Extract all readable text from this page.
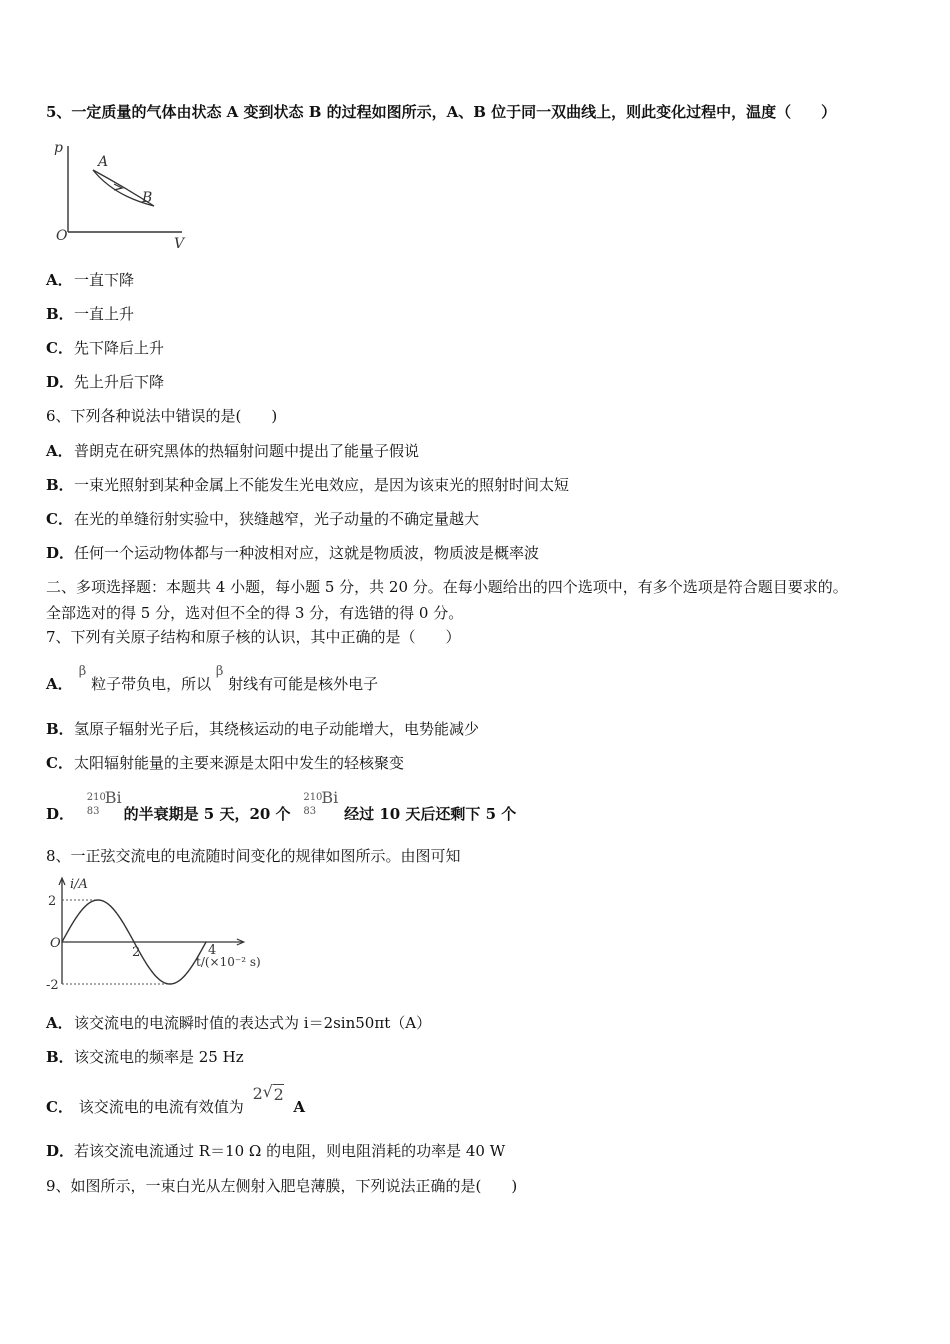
5、一定质量的气体由状态 A 变到状态 B 的过程如图所示，A、B 位于同一双曲线上，则此变化过程中，温度（　　）
p
V
O
A
B
A．一直下降
B．一直上升
C．先下降后上升
D．先上升后下降
6、下列各种说法中错误的是(　　)
A．普朗克在研究黑体的热辐射问题中提出了能量子假说
B．一束光照射到某种金属上不能发生光电效应，是因为该束光的照射时间太短
C．在光的单缝衍射实验中，狭缝越窄，光子动量的不确定量越大
D．任何一个运动物体都与一种波相对应，这就是物质波，物质波是概率波
二、多项选择题：本题共 4 小题，每小题 5 分，共 20 分。在每小题给出的四个选项中，有多个选项是符合题目要求的。
全部选对的得 5 分，选对但不全的得 3 分，有选错的得 0 分。
7、下列有关原子结构和原子核的认识，其中正确的是（　　）
A． β 粒子带负电，所以 β 射线有可能是核外电子
B．氢原子辐射光子后，其绕核运动的电子动能增大，电势能减少
C．太阳辐射能量的主要来源是太阳中发生的轻核聚变
D．
210
83
Bi
的半衰期是 5 天，20 个
210
83
Bi
经过 10 天后还剩下 5 个
8、一正弦交流电的电流随时间变化的规律如图所示。由图可知
i/A
2
-2
O
2	4
t/(×10⁻² s)
A．该交流电的电流瞬时值的表达式为 i＝2sin50πt（A）
B．该交流电的频率是 25 Hz
C． 该交流电的电流有效值为
2 √ 2
A
D．若该交流电流通过 R＝10 Ω 的电阻，则电阻消耗的功率是 40 W
9、如图所示，一束白光从左侧射入肥皂薄膜，下列说法正确的是(　　)
